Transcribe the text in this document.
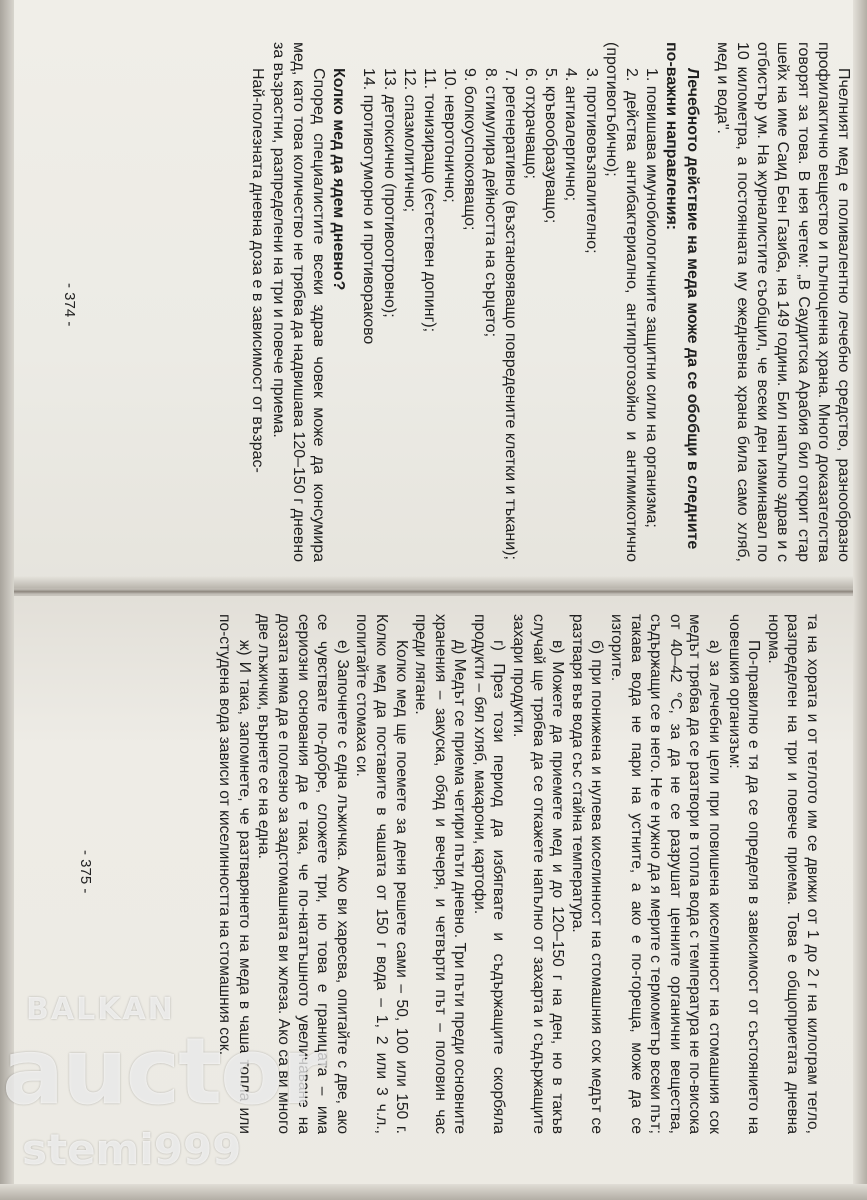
Пчелният мед е поливалентно лечебно средство, разнообразно профилактично вещество и пълноценна храна. Много доказателства говорят за това. В нея четем: „В Саудитска Арабия бил открит стар шейх на име Саид Бен Газиба, на 149 години. Бил напълно здрав и с отбистър ум. На журналистите съобщил, че всеки ден изминавал по 10 километра, а постоянната му ежедневна храна била само хляб, мед и вода".

Лечебното действие на меда може да се обобщи в следните по-важни направления:

1. повишава имунобиологичните защитни сили на организма;

2. действа антибактериално, антипротозойно и антимикотично (противогъбично);

3. противовъзпалително;

4. антиалергично;

5. кръвообразуващо;

6. отхрачващо;

7. регенеративно (възстановяващо повредените клетки и тъкани);

8. стимулира дейността на сърцето;

9. болкоуспокояващо;

10. невротонично;

11. тонизиращо (естествен допинг);

12. спазмолитично;

13. детоксично (противоотровно);

14. противотуморно и противораково

Колко мед да ядем дневно?

Според специалистите всеки здрав човек може да консумира мед, като това количество не трябва да надвишава 120–150 г дневно за възрастни, разпределени на три и повече приема.

Най-полезната дневна доза е в зависимост от възрас-

- 374 -

та на хората и от теглото им се движи от 1 до 2 г на килограм тегло, разпределен на три и повече приема. Това е общоприетата дневна норма.

По-правилно е тя да се определя в зависимост от състоянието на човешкия организъм:

а) за лечебни цели при повишена киселинност на стомашния сок медът трябва да се разтвори в топла вода с температура не по-висока от 40–42 °С, за да не се разрушат ценните органични вещества, съдържащи се в него. Не е нужно да я мерите с термометър всеки път; такава вода не пари на устните, а ако е по-гореща, може да се изгорите.

б) при понижена и нулева киселинност на стомашния сок медът се разтваря във вода със стайна температура.

в) Можете да приемете мед и до 120–150 г на ден, но в такъв случай ще трябва да се откажете напълно от захарта и съдържащите захари продукти.

г) През този период да избягвате и съдържащите скорбяла продукти – бял хляб, макарони, картофи.

д) Медът се приема четири пъти дневно. Три пъти преди основните хранения – закуска, обяд и вечеря, и четвърти път – половин час преди лягане.

Колко мед ще поемете за деня решете сами – 50, 100 или 150 г. Колко мед да поставите в чашата от 150 г вода – 1, 2 или 3 ч.л., попитайте стомаха си.

е) Започнете с една лъжичка. Ако ви харесва, опитайте с две, ако се чувствате по-добре, сложете три, но това е границата – има сериозни основания да е така, че по-нататъшното увеличаване на дозата няма да е полезно за задстомашната ви жлеза. Ако са ви много две лъжички, върнете се на една.

ж) И така, запомнете, че разтварянето на меда в чаша топла или по-студена вода зависи от киселинността на стомашния сок.

- 375 -
BALKAN
auctor
stemi999
